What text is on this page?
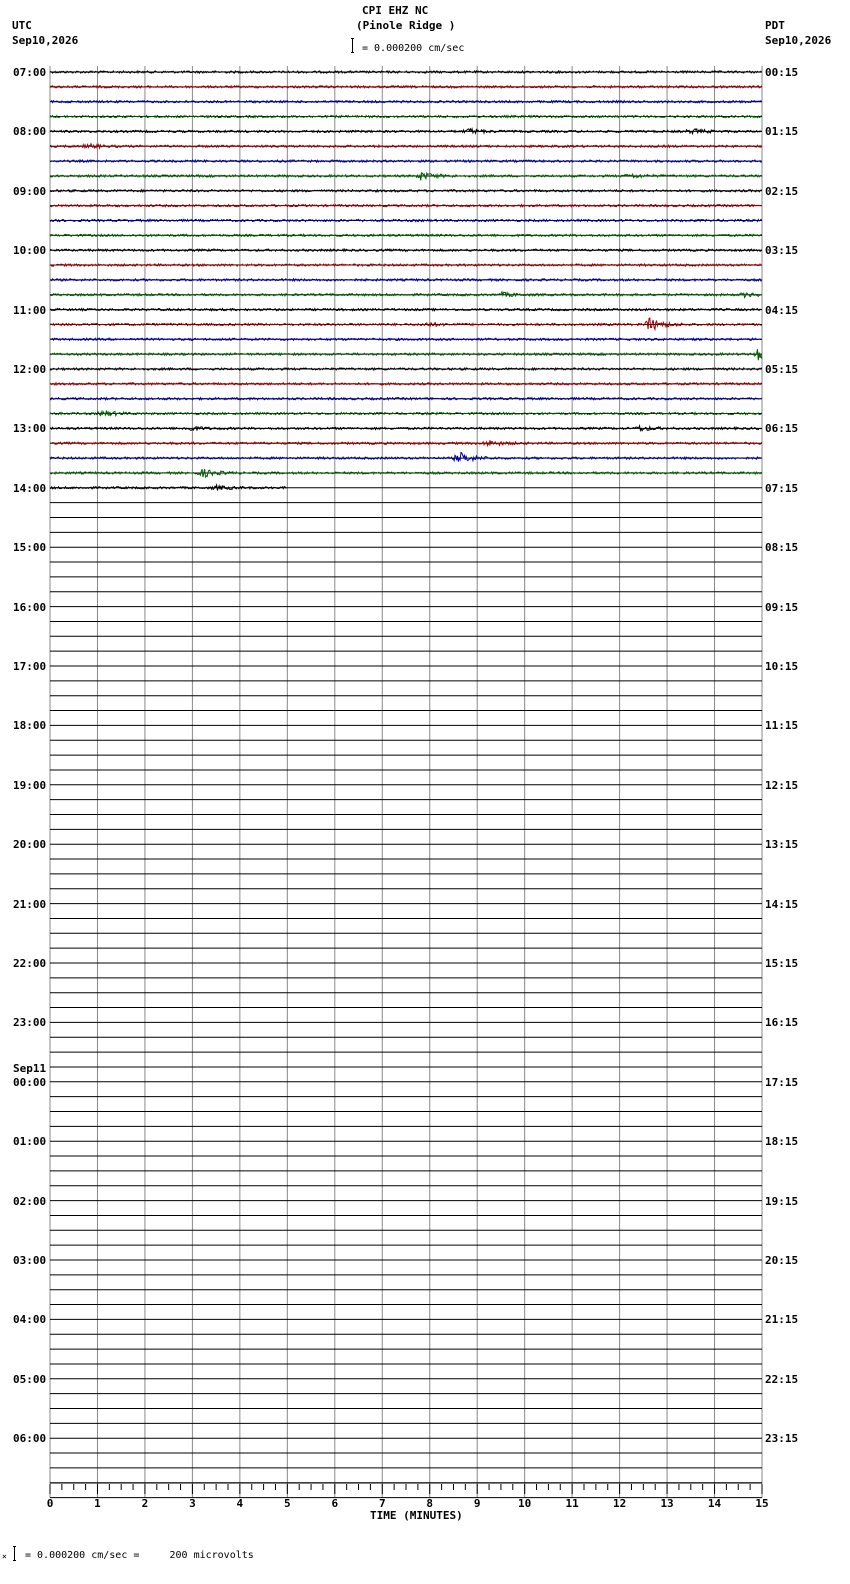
CPI EHZ NC
(Pinole Ridge )
UTC
Sep10,2026
PDT
Sep10,2026
= 0.000200 cm/sec
0	1	2	3	4	5	6	7	8	9	10	11	12	13	14	15
07:00
08:00
09:00
10:00
11:00
12:00
13:00
14:00
15:00
16:00
17:00
18:00
19:00
20:00
21:00
22:00
23:00
00:00
Sep11
01:00
02:00
03:00
04:00
05:00
06:00
00:15
01:15
02:15
03:15
04:15
05:15
06:15
07:15
08:15
09:15
10:15
11:15
12:15
13:15
14:15
15:15
16:15
17:15
18:15
19:15
20:15
21:15
22:15
23:15
TIME (MINUTES)
× = 0.000200 cm/sec =     200 microvolts
